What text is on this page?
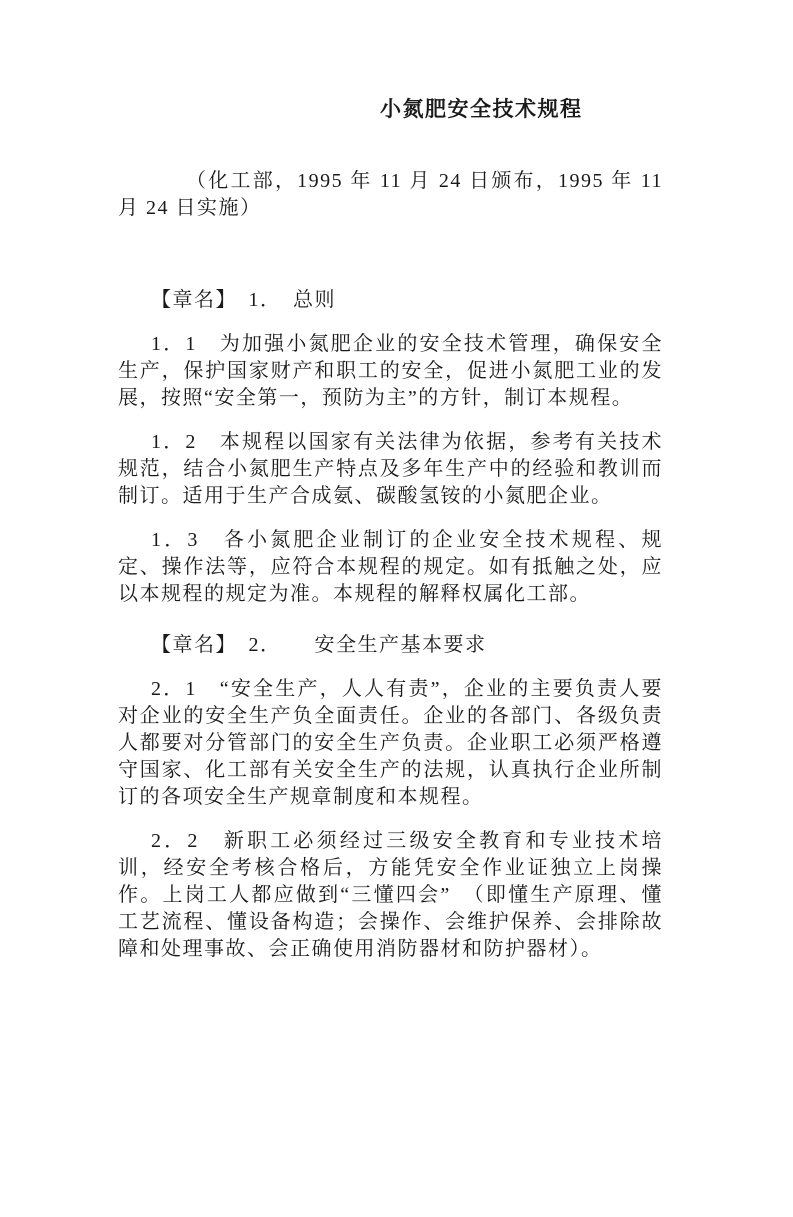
小氮肥安全技术规程

（化工部，1995 年 11 月 24 日颁布，1995 年 11 月 24 日实施）

【章名】　1．　总则

1．1　为加强小氮肥企业的安全技术管理，确保安全生产，保护国家财产和职工的安全，促进小氮肥工业的发展，按照“安全第一，预防为主”的方针，制订本规程。

1．2　本规程以国家有关法律为依据，参考有关技术规范，结合小氮肥生产特点及多年生产中的经验和教训而制订。适用于生产合成氨、碳酸氢铵的小氮肥企业。

1．3　各小氮肥企业制订的企业安全技术规程、规定、操作法等，应符合本规程的规定。如有抵触之处，应以本规程的规定为准。本规程的解释权属化工部。

【章名】　2．　　安全生产基本要求

2．1　“安全生产，人人有责”，企业的主要负责人要对企业的安全生产负全面责任。企业的各部门、各级负责人都要对分管部门的安全生产负责。企业职工必须严格遵守国家、化工部有关安全生产的法规，认真执行企业所制订的各项安全生产规章制度和本规程。

2．2　新职工必须经过三级安全教育和专业技术培训，经安全考核合格后，方能凭安全作业证独立上岗操作。上岗工人都应做到“三懂四会”　（即懂生产原理、懂工艺流程、懂设备构造；会操作、会维护保养、会排除故障和处理事故、会正确使用消防器材和防护器材）。
